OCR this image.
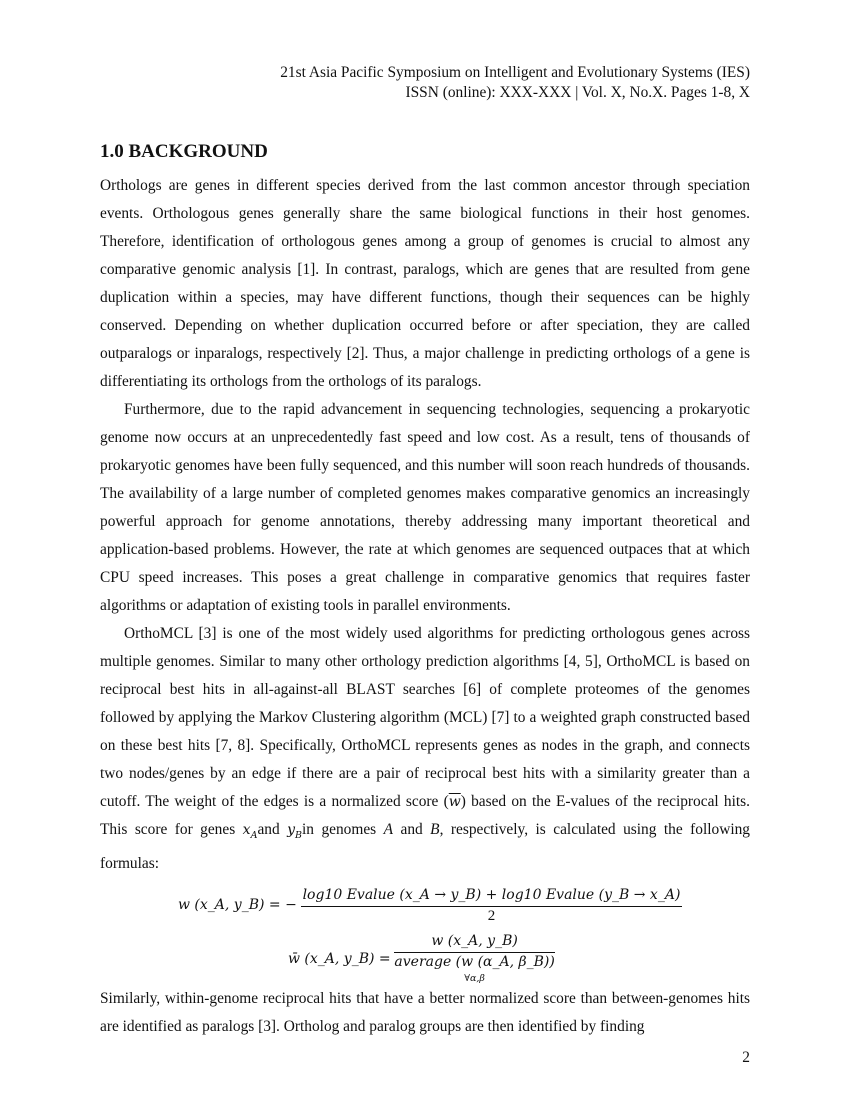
21st Asia Pacific Symposium on Intelligent and Evolutionary Systems (IES)
ISSN (online): XXX-XXX | Vol. X, No.X. Pages 1-8, X
1.0 BACKGROUND

Orthologs are genes in different species derived from the last common ancestor through speciation events. Orthologous genes generally share the same biological functions in their host genomes. Therefore, identification of orthologous genes among a group of genomes is crucial to almost any comparative genomic analysis [1]. In contrast, paralogs, which are genes that are resulted from gene duplication within a species, may have different functions, though their sequences can be highly conserved. Depending on whether duplication occurred before or after speciation, they are called outparalogs or inparalogs, respectively [2]. Thus, a major challenge in predicting orthologs of a gene is differentiating its orthologs from the orthologs of its paralogs.

Furthermore, due to the rapid advancement in sequencing technologies, sequencing a prokaryotic genome now occurs at an unprecedentedly fast speed and low cost. As a result, tens of thousands of prokaryotic genomes have been fully sequenced, and this number will soon reach hundreds of thousands. The availability of a large number of completed genomes makes comparative genomics an increasingly powerful approach for genome annotations, thereby addressing many important theoretical and application-based problems. However, the rate at which genomes are sequenced outpaces that at which CPU speed increases. This poses a great challenge in comparative genomics that requires faster algorithms or adaptation of existing tools in parallel environments.

OrthoMCL [3] is one of the most widely used algorithms for predicting orthologous genes across multiple genomes. Similar to many other orthology prediction algorithms [4, 5], OrthoMCL is based on reciprocal best hits in all-against-all BLAST searches [6] of complete proteomes of the genomes followed by applying the Markov Clustering algorithm (MCL) [7] to a weighted graph constructed based on these best hits [7, 8]. Specifically, OrthoMCL represents genes as nodes in the graph, and connects two nodes/genes by an edge if there are a pair of reciprocal best hits with a similarity greater than a cutoff. The weight of the edges is a normalized score $(\overline{w})$ based on the E-values of the reciprocal hits. This score for genes $x_Aand$ $y_Bin$ genomes A and B, respectively, is calculated using the following formulas:

w (x_A, y_B) = − $\frac{\text{log10 Evalue (x\_A → y\_B) + log10 Evalue (y\_B → x\_A)}}{2}$
w̄ (x_A, y_B) = w (x_A, y_B)
average (w (α_A, β_B))
∀α,β

Similarly, within-genome reciprocal hits that have a better normalized score than between-genomes hits are identified as paralogs [3]. Ortholog and paralog groups are then identified by finding

2
